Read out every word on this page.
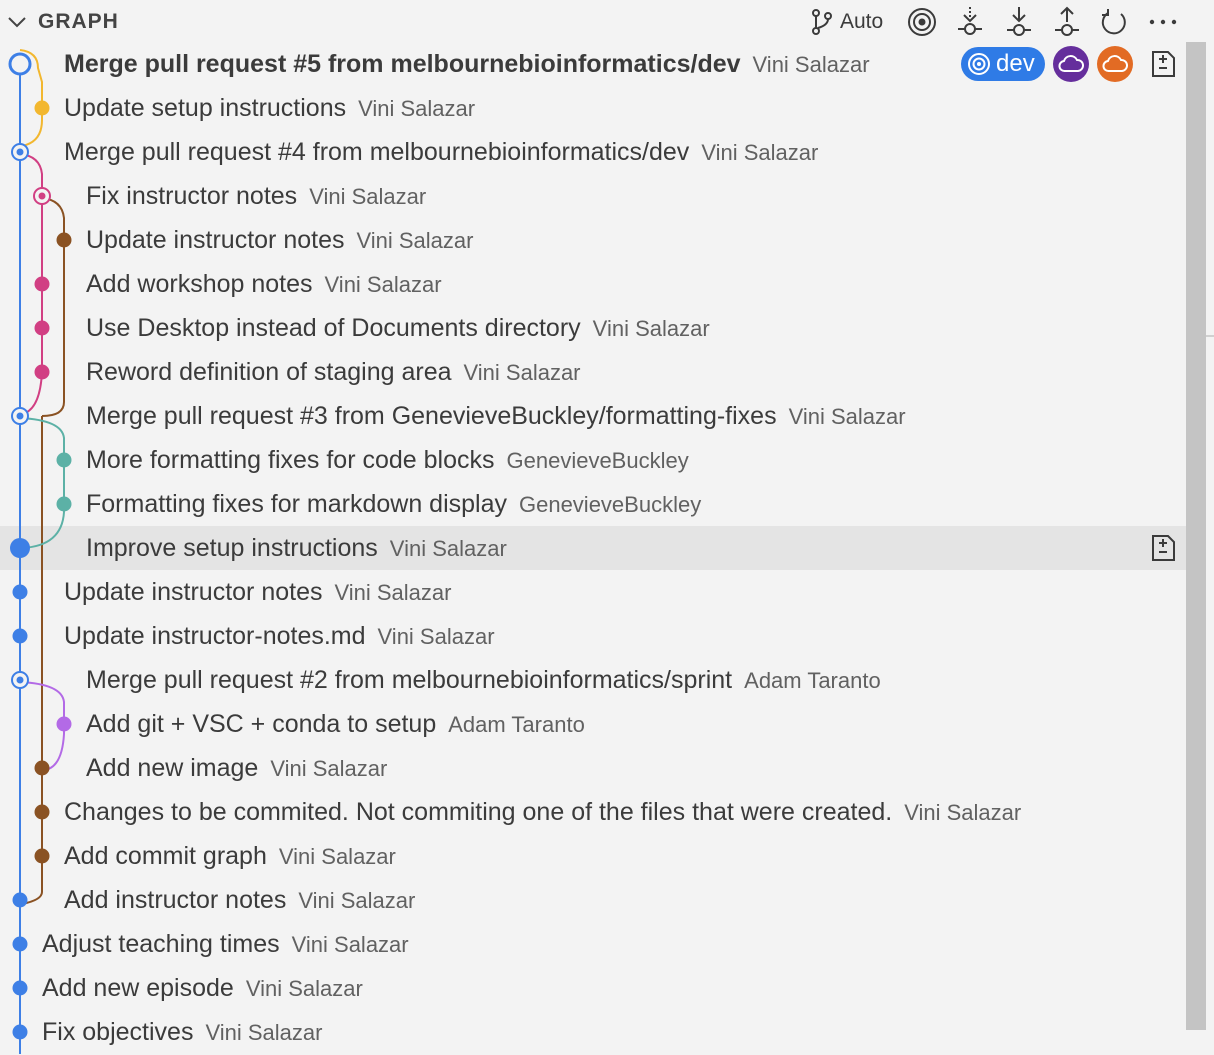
GRAPH	Auto
Merge pull request #5 from melbournebioinformatics/dev Vini Salazar	dev
Update setup instructions Vini Salazar
Merge pull request #4 from melbournebioinformatics/dev Vini Salazar
Fix instructor notes Vini Salazar
Update instructor notes Vini Salazar
Add workshop notes Vini Salazar
Use Desktop instead of Documents directory Vini Salazar
Reword definition of staging area Vini Salazar
Merge pull request #3 from GenevieveBuckley/formatting-fixes Vini Salazar
More formatting fixes for code blocks GenevieveBuckley
Formatting fixes for markdown display GenevieveBuckley
Improve setup instructions Vini Salazar
Update instructor notes Vini Salazar
Update instructor-notes.md Vini Salazar
Merge pull request #2 from melbournebioinformatics/sprint Adam Taranto
Add git + VSC + conda to setup Adam Taranto
Add new image Vini Salazar
Changes to be commited. Not commiting one of the files that were created. Vini Salazar
Add commit graph Vini Salazar
Add instructor notes Vini Salazar
Adjust teaching times Vini Salazar
Add new episode Vini Salazar
Fix objectives Vini Salazar
